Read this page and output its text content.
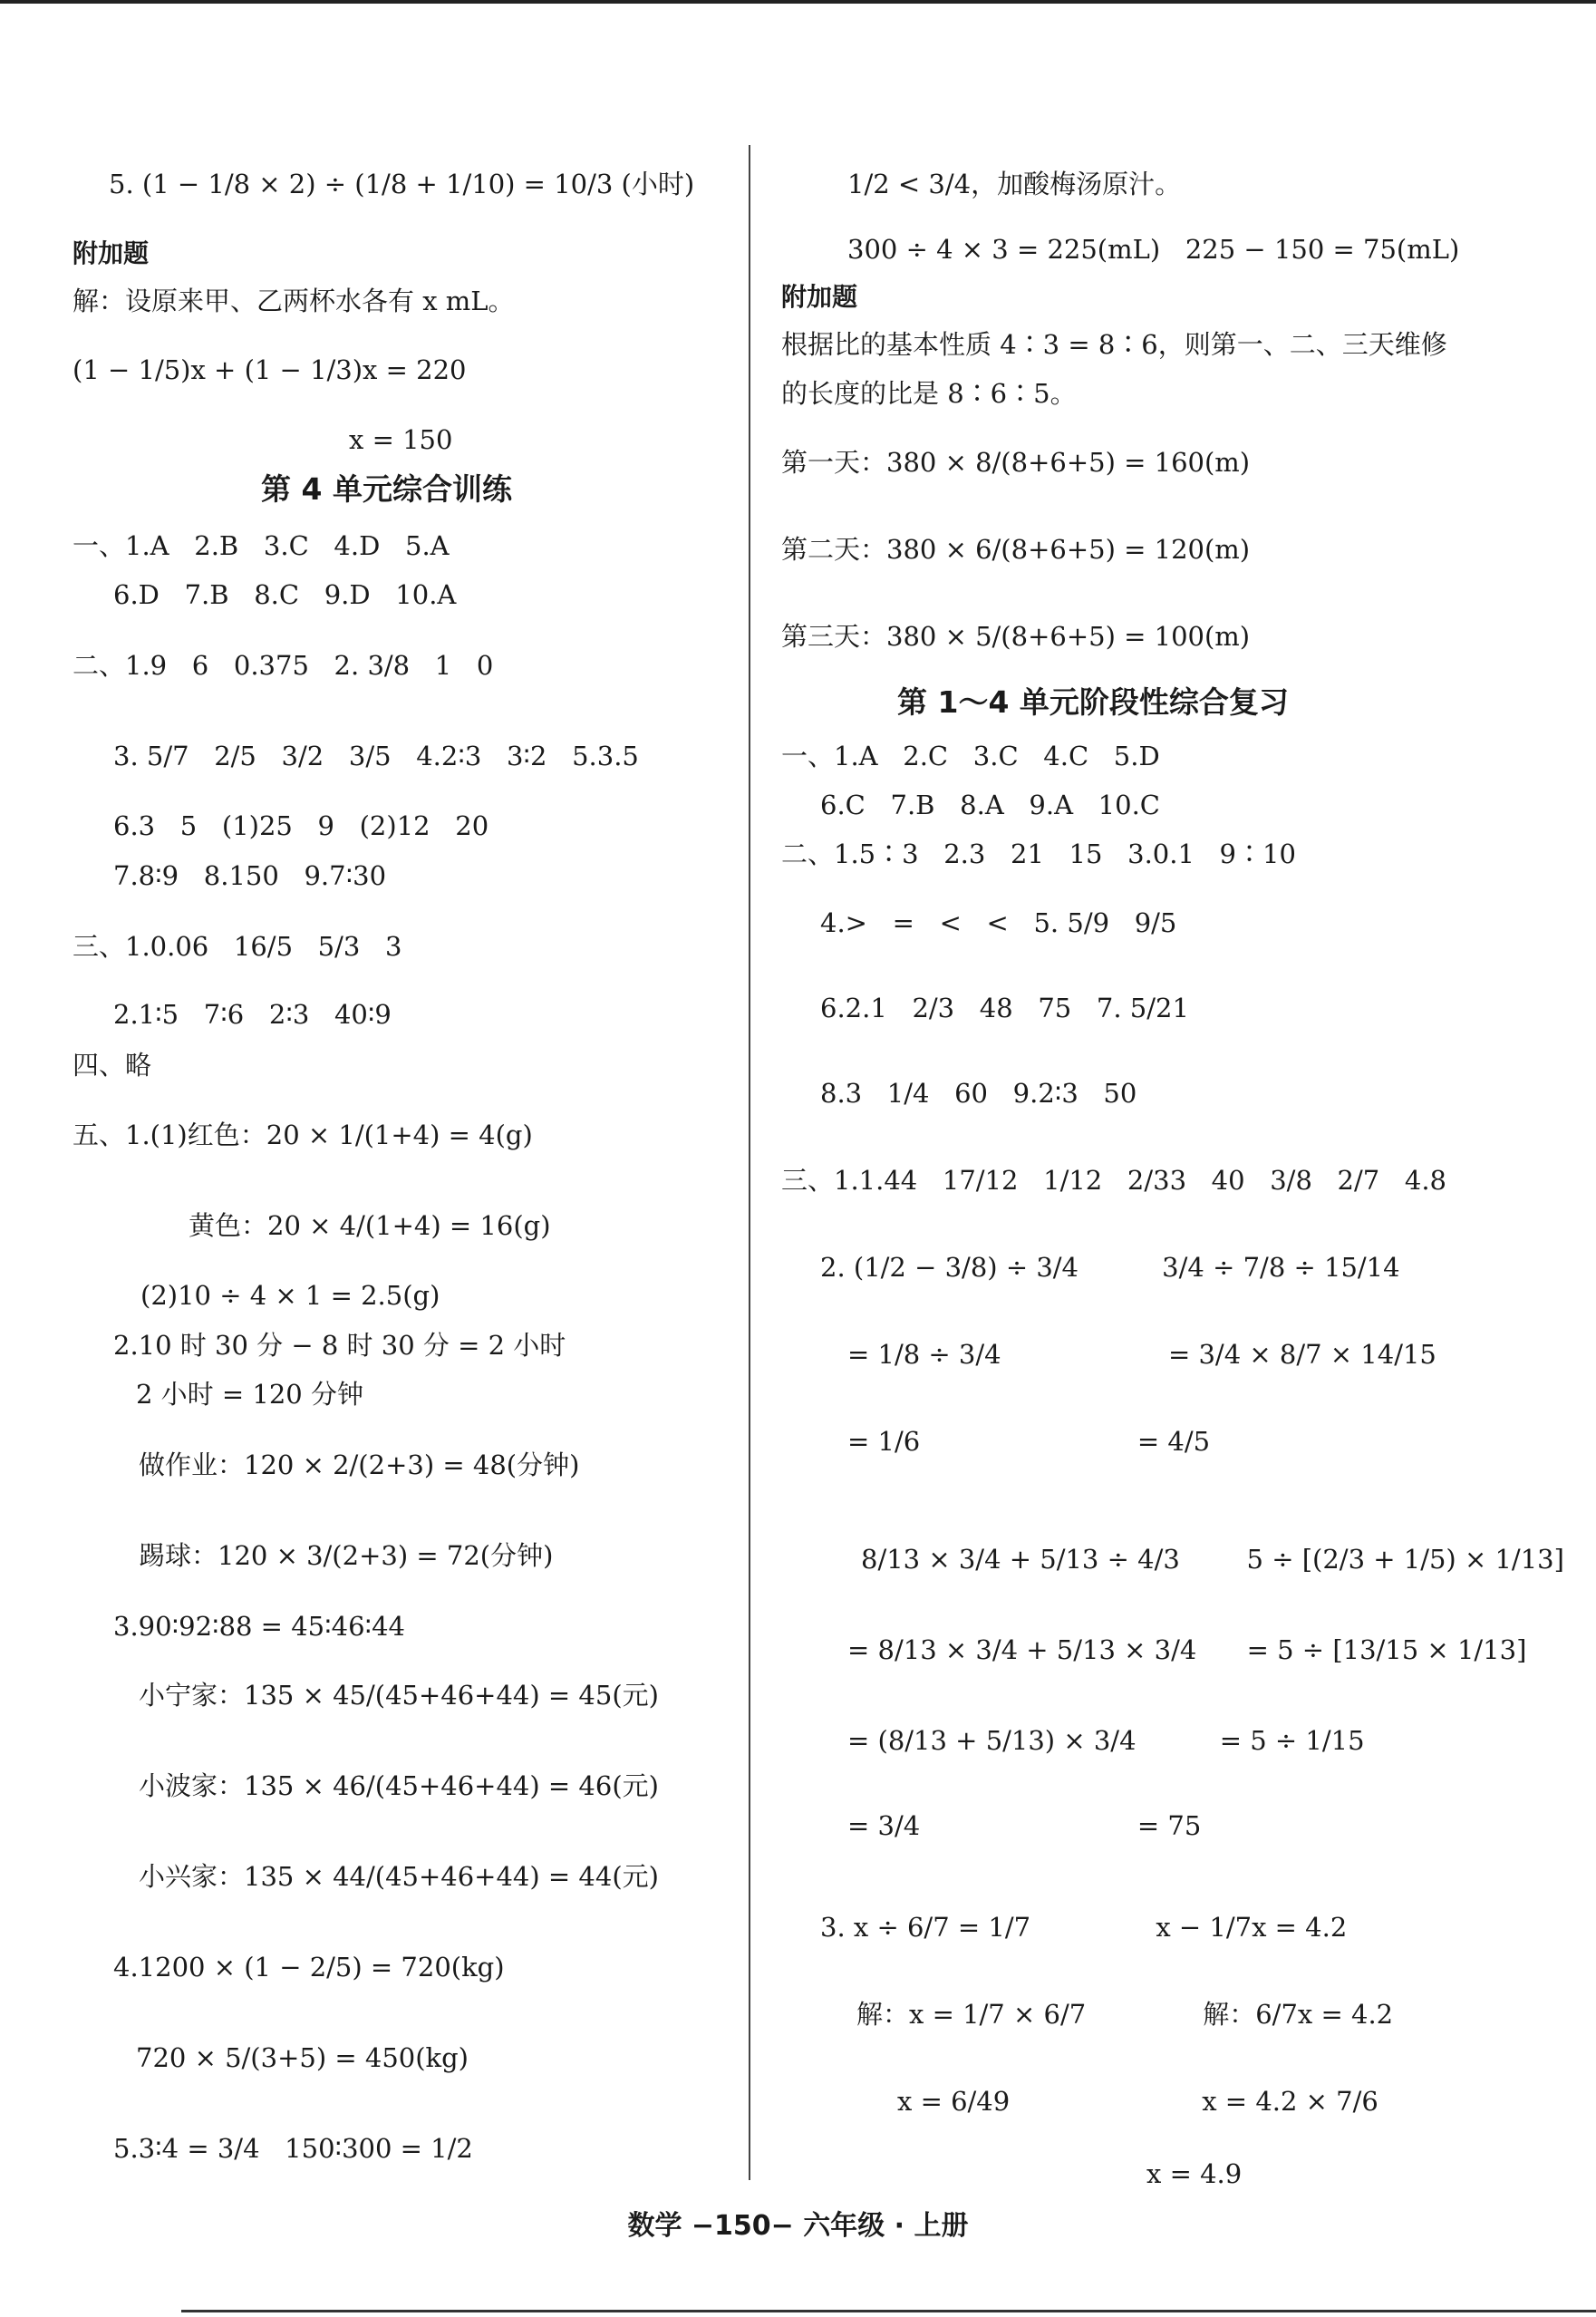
5. (1 − 1/8 × 2) ÷ (1/8 + 1/10) = 10/3 (小时)
附加题
解：设原来甲、乙两杯水各有 x mL。
(1 − 1/5)x + (1 − 1/3)x = 220
x = 150
第 4 单元综合训练
一、1.A   2.B   3.C   4.D   5.A
6.D   7.B   8.C   9.D   10.A
二、1.9   6   0.375   2. 3/8   1   0
3. 5/7   2/5   3/2   3/5   4.2∶3   3∶2   5.3.5
6.3   5   (1)25   9   (2)12   20
7.8∶9   8.150   9.7∶30
三、1.0.06   16/5   5/3   3
2.1∶5   7∶6   2∶3   40∶9
四、略
五、1.(1)红色：20 × 1/(1+4) = 4(g)
黄色：20 × 4/(1+4) = 16(g)
(2)10 ÷ 4 × 1 = 2.5(g)
2.10 时 30 分 − 8 时 30 分 = 2 小时
2 小时 = 120 分钟
做作业：120 × 2/(2+3) = 48(分钟)
踢球：120 × 3/(2+3) = 72(分钟)
3.90∶92∶88 = 45∶46∶44
小宁家：135 × 45/(45+46+44) = 45(元)
小波家：135 × 46/(45+46+44) = 46(元)
小兴家：135 × 44/(45+46+44) = 44(元)
4.1200 × (1 − 2/5) = 720(kg)
720 × 5/(3+5) = 450(kg)
5.3∶4 = 3/4   150∶300 = 1/2
1/2 < 3/4，加酸梅汤原汁。
300 ÷ 4 × 3 = 225(mL)   225 − 150 = 75(mL)
附加题
根据比的基本性质 4∶3 = 8∶6，则第一、二、三天维修
的长度的比是 8∶6∶5。
第一天：380 × 8/(8+6+5) = 160(m)
第二天：380 × 6/(8+6+5) = 120(m)
第三天：380 × 5/(8+6+5) = 100(m)
第 1～4 单元阶段性综合复习
一、1.A   2.C   3.C   4.C   5.D
6.C   7.B   8.A   9.A   10.C
二、1.5∶3   2.3   21   15   3.0.1   9∶10
4.>   =   <   <   5. 5/9   9/5
6.2.1   2/3   48   75   7. 5/21
8.3   1/4   60   9.2∶3   50
三、1.1.44   17/12   1/12   2/33   40   3/8   2/7   4.8
2. (1/2 − 3/8) ÷ 3/4          3/4 ÷ 7/8 ÷ 15/14
= 1/8 ÷ 3/4                    = 3/4 × 8/7 × 14/15
= 1/6                          = 4/5
8/13 × 3/4 + 5/13 ÷ 4/3        5 ÷ [(2/3 + 1/5) × 1/13]
= 8/13 × 3/4 + 5/13 × 3/4      = 5 ÷ [13/15 × 1/13]
= (8/13 + 5/13) × 3/4          = 5 ÷ 1/15
= 3/4                          = 75
3. x ÷ 6/7 = 1/7               x − 1/7x = 4.2
解：x = 1/7 × 6/7              解：6/7x = 4.2
x = 6/49                       x = 4.2 × 7/6
x = 4.9
数学 −150− 六年级 · 上册
